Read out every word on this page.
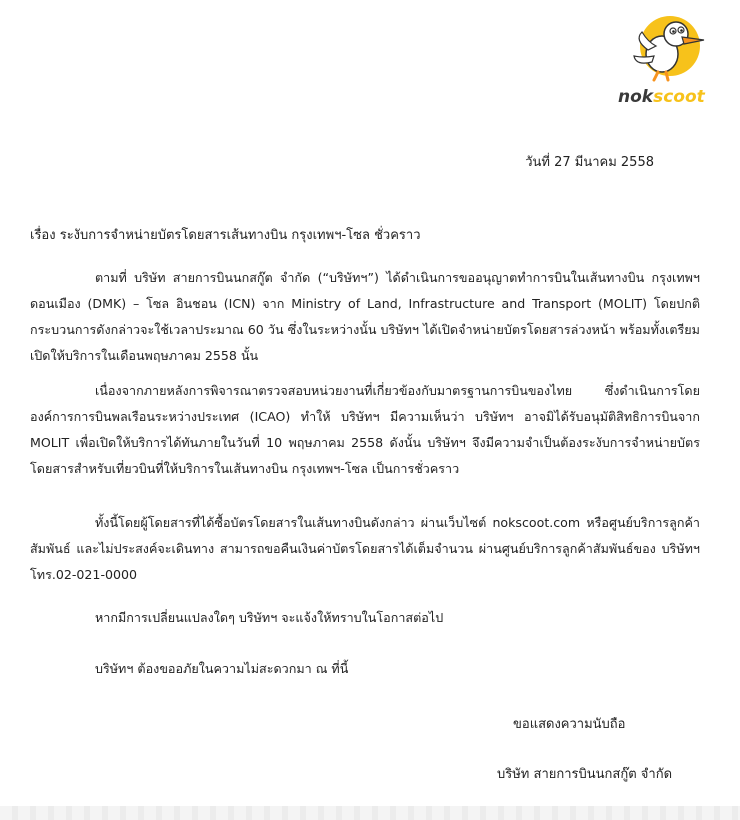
nokscoot
วันที่ 27 มีนาคม 2558
เรื่อง ระงับการจำหน่ายบัตรโดยสารเส้นทางบิน กรุงเทพฯ-โซล ชั่วคราว
ตามที่ บริษัท สายการบินนกสกู๊ต จำกัด (“บริษัทฯ”) ได้ดำเนินการขออนุญาตทำการบินในเส้นทางบิน กรุงเทพฯดอนเมือง (DMK) – โซล อินชอน (ICN) จาก Ministry of Land, Infrastructure and Transport (MOLIT) โดยปกติกระบวนการดังกล่าวจะใช้เวลาประมาณ 60 วัน ซึ่งในระหว่างนั้น บริษัทฯ ได้เปิดจำหน่ายบัตรโดยสารล่วงหน้า พร้อมทั้งเตรียมเปิดให้บริการในเดือนพฤษภาคม 2558 นั้น
เนื่องจากภายหลังการพิจารณาตรวจสอบหน่วยงานที่เกี่ยวข้องกับมาตรฐานการบินของไทย ซึ่งดำเนินการโดยองค์การการบินพลเรือนระหว่างประเทศ (ICAO) ทำให้ บริษัทฯ มีความเห็นว่า บริษัทฯ อาจมิได้รับอนุมัติสิทธิการบินจาก MOLIT เพื่อเปิดให้บริการได้ทันภายในวันที่ 10 พฤษภาคม 2558 ดังนั้น บริษัทฯ จึงมีความจำเป็นต้องระงับการจำหน่ายบัตรโดยสารสำหรับเที่ยวบินที่ให้บริการในเส้นทางบิน กรุงเทพฯ-โซล เป็นการชั่วคราว
ทั้งนี้โดยผู้โดยสารที่ได้ซื้อบัตรโดยสารในเส้นทางบินดังกล่าว ผ่านเว็บไซต์ nokscoot.com หรือศูนย์บริการลูกค้าสัมพันธ์ และไม่ประสงค์จะเดินทาง สามารถขอคืนเงินค่าบัตรโดยสารได้เต็มจำนวน ผ่านศูนย์บริการลูกค้าสัมพันธ์ของ บริษัทฯ โทร.02-021-0000
หากมีการเปลี่ยนแปลงใดๆ บริษัทฯ จะแจ้งให้ทราบในโอกาสต่อไป
บริษัทฯ ต้องขออภัยในความไม่สะดวกมา ณ ที่นี้
ขอแสดงความนับถือ
บริษัท สายการบินนกสกู๊ต จำกัด
